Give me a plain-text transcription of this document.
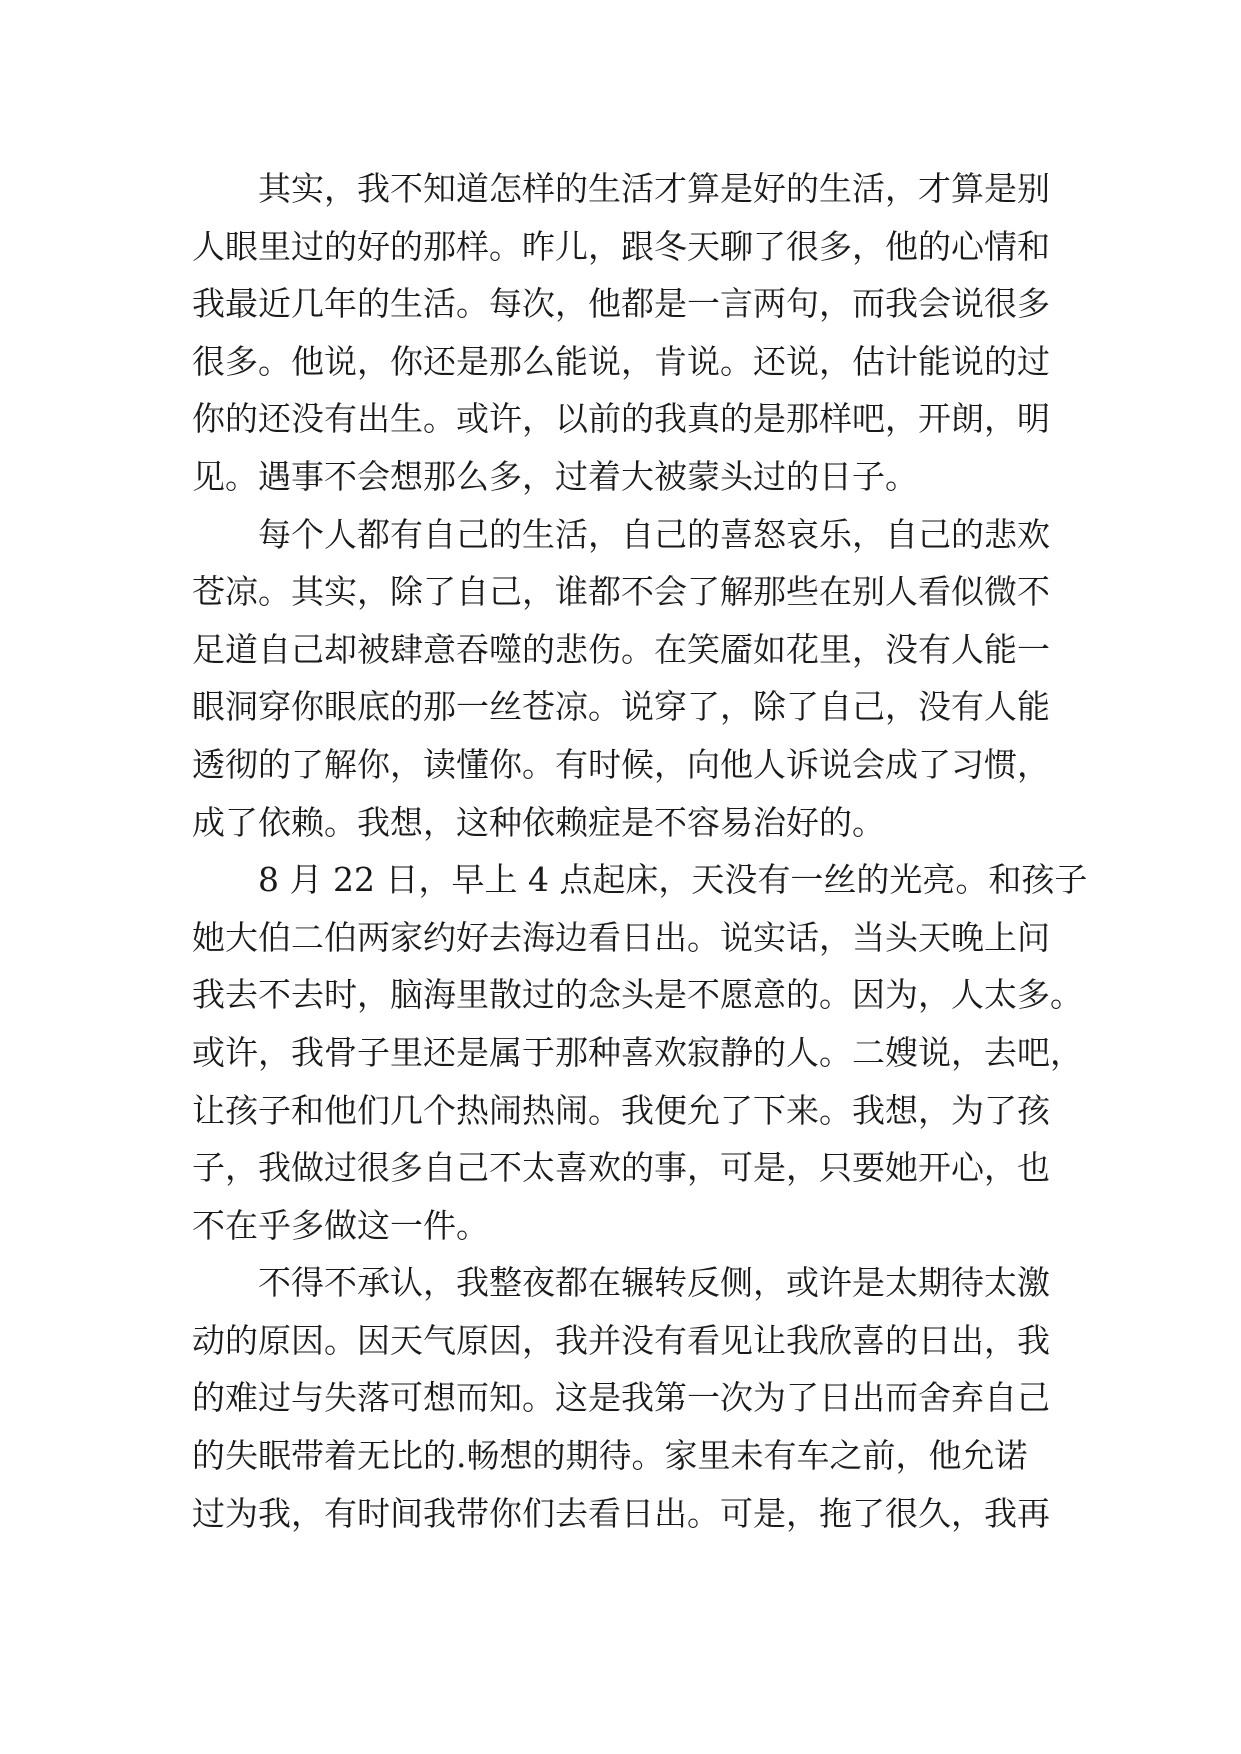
其实，我不知道怎样的生活才算是好的生活，才算是别
人眼里过的好的那样。昨儿，跟冬天聊了很多，他的心情和
我最近几年的生活。每次，他都是一言两句，而我会说很多
很多。他说，你还是那么能说，肯说。还说，估计能说的过
你的还没有出生。或许，以前的我真的是那样吧，开朗，明
见。遇事不会想那么多，过着大被蒙头过的日子。
每个人都有自己的生活，自己的喜怒哀乐，自己的悲欢
苍凉。其实，除了自己，谁都不会了解那些在别人看似微不
足道自己却被肆意吞噬的悲伤。在笑靥如花里，没有人能一
眼洞穿你眼底的那一丝苍凉。说穿了，除了自己，没有人能
透彻的了解你，读懂你。有时候，向他人诉说会成了习惯，
成了依赖。我想，这种依赖症是不容易治好的。
8 月 22 日，早上 4 点起床，天没有一丝的光亮。和孩子
她大伯二伯两家约好去海边看日出。说实话，当头天晚上问
我去不去时，脑海里散过的念头是不愿意的。因为，人太多。
或许，我骨子里还是属于那种喜欢寂静的人。二嫂说，去吧，
让孩子和他们几个热闹热闹。我便允了下来。我想，为了孩
子，我做过很多自己不太喜欢的事，可是，只要她开心，也
不在乎多做这一件。
不得不承认，我整夜都在辗转反侧，或许是太期待太激
动的原因。因天气原因，我并没有看见让我欣喜的日出，我
的难过与失落可想而知。这是我第一次为了日出而舍弃自己
的失眠带着无比的.畅想的期待。家里未有车之前，他允诺
过为我，有时间我带你们去看日出。可是，拖了很久，我再
